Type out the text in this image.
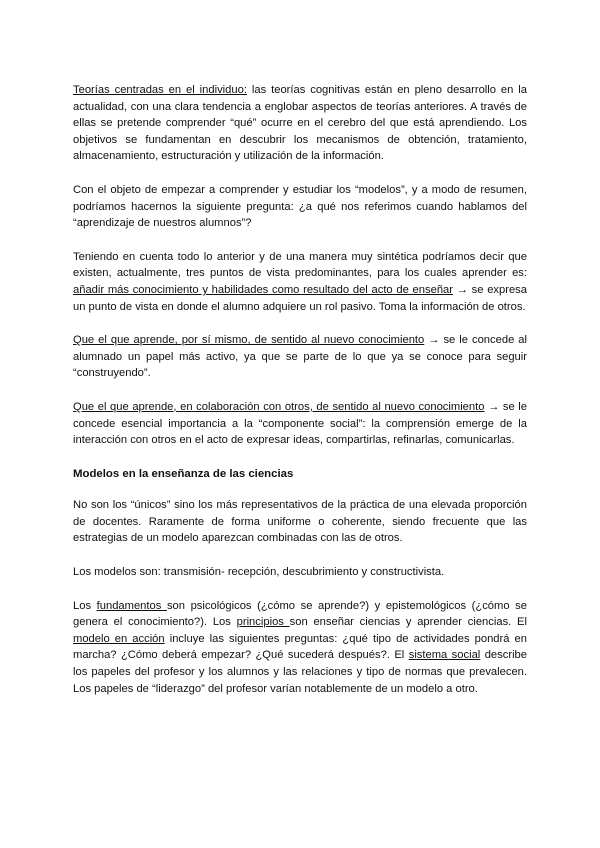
Teorías centradas en el individuo: las teorías cognitivas están en pleno desarrollo en la actualidad, con una clara tendencia a englobar aspectos de teorías anteriores. A través de ellas se pretende comprender “qué” ocurre en el cerebro del que está aprendiendo. Los objetivos se fundamentan en descubrir los mecanismos de obtención, tratamiento, almacenamiento, estructuración y utilización de la información.

Con el objeto de empezar a comprender y estudiar los “modelos”, y a modo de resumen, podríamos hacernos la siguiente pregunta: ¿a qué nos referimos cuando hablamos del “aprendizaje de nuestros alumnos”?

Teniendo en cuenta todo lo anterior y de una manera muy sintética podríamos decir que existen, actualmente, tres puntos de vista predominantes, para los cuales aprender es: añadir más conocimiento y habilidades como resultado del acto de enseñar → se expresa un punto de vista en donde el alumno adquiere un rol pasivo. Toma la información de otros.

Que el que aprende, por sí mismo, de sentido al nuevo conocimiento → se le concede al alumnado un papel más activo, ya que se parte de lo que ya se conoce para seguir “construyendo”.

Que el que aprende, en colaboración con otros, de sentido al nuevo conocimiento → se le concede esencial importancia a la “componente social”: la comprensión emerge de la interacción con otros en el acto de expresar ideas, compartirlas, refinarlas, comunicarlas.

Modelos en la enseñanza de las ciencias

No son los “únicos” sino los más representativos de la práctica de una elevada proporción de docentes. Raramente de forma uniforme o coherente, siendo frecuente que las estrategias de un modelo aparezcan combinadas con las de otros.

Los modelos son: transmisión- recepción, descubrimiento y constructivista.

Los fundamentos son psicológicos (¿cómo se aprende?) y epistemológicos (¿cómo se genera el conocimiento?). Los principios son enseñar ciencias y aprender ciencias. El modelo en acción incluye las siguientes preguntas: ¿qué tipo de actividades pondrá en marcha? ¿Cómo deberá empezar? ¿Qué sucederá después?. El sistema social describe los papeles del profesor y los alumnos y las relaciones y tipo de normas que prevalecen. Los papeles de “liderazgo” del profesor varían notablemente de un modelo a otro.
